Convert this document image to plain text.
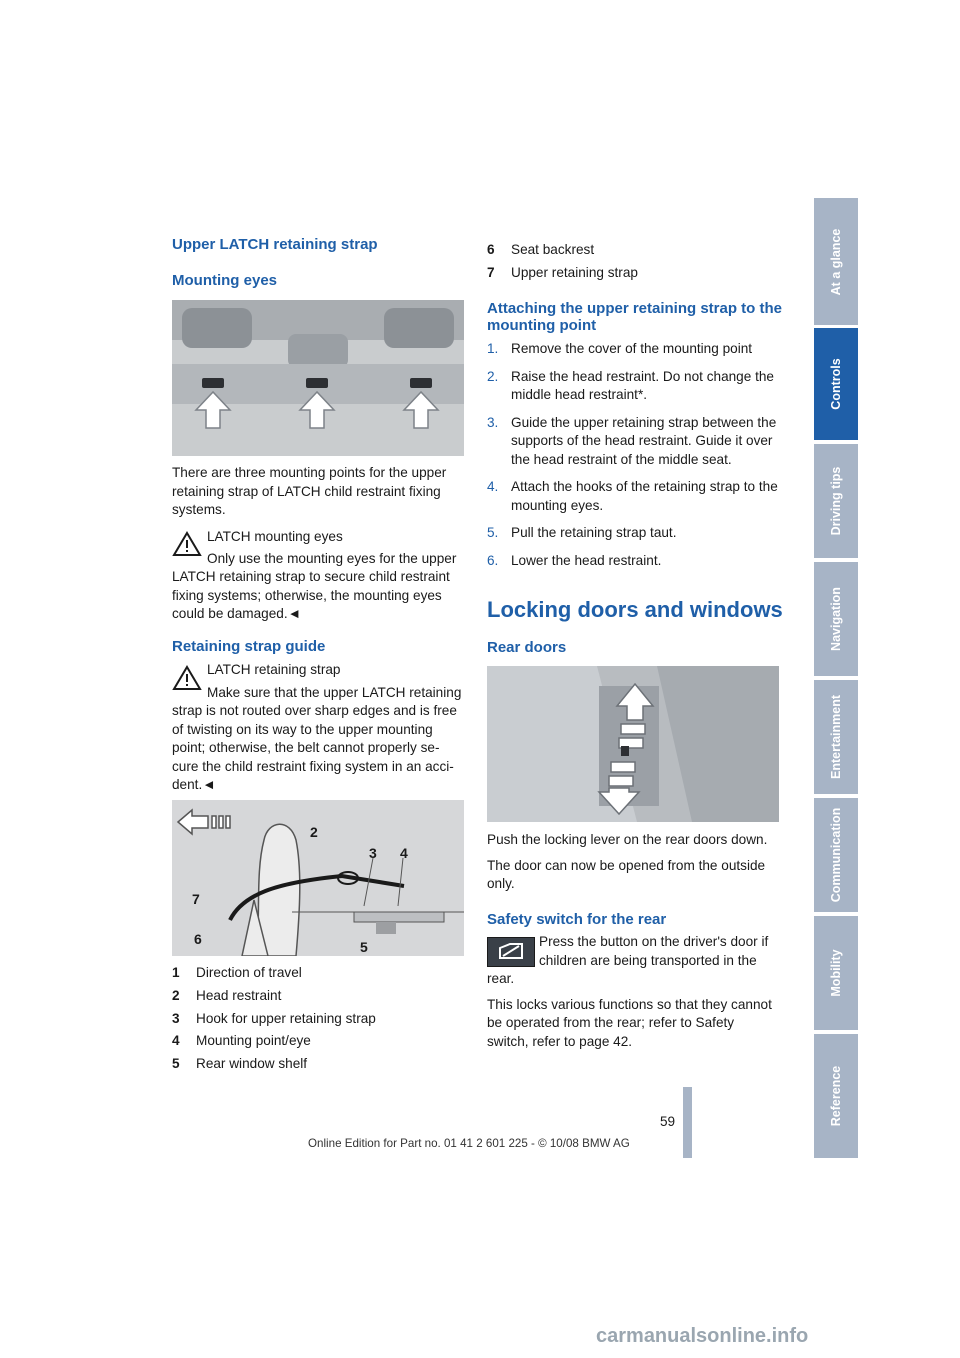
Upper LATCH retaining strap
Mounting eyes

There are three mounting points for the upper retaining strap of LATCH child restraint fixing systems.

LATCH mounting eyes
Only use the mounting eyes for the upper

LATCH retaining strap to secure child restraint fixing systems; otherwise, the mounting eyes could be damaged.◄

Retaining strap guide
LATCH retaining strap
Make sure that the upper LATCH retaining

strap is not routed over sharp edges and is free of twisting on its way to the upper mounting point; otherwise, the belt cannot properly se-cure the child restraint fixing system in an acci-dent.◄

2
3 4
7
6	5
1 Direction of travel
2 Head restraint
3 Hook for upper retaining strap
4 Mounting point/eye
5 Rear window shelf
6 Seat backrest
7 Upper retaining strap
Attaching the upper retaining strap to the mounting point
1. Remove the cover of the mounting point
2. Raise the head restraint. Do not change the middle head restraint*.
3. Guide the upper retaining strap between the supports of the head restraint. Guide it over the head restraint of the middle seat.
4. Attach the hooks of the retaining strap to the mounting eyes.
5. Pull the retaining strap taut.
6. Lower the head restraint.
Locking doors and windows
Rear doors

Push the locking lever on the rear doors down.

The door can now be opened from the outside only.

Safety switch for the rear
Press the button on the driver's door if children are being transported in the

rear.

This locks various functions so that they cannot be operated from the rear; refer to Safety switch, refer to page 42.

At a glance
Controls
Driving tips
Navigation
Entertainment
Communication
Mobility
Reference
59
Online Edition for Part no. 01 41 2 601 225 - © 10/08 BMW AG
carmanualsonline.info
